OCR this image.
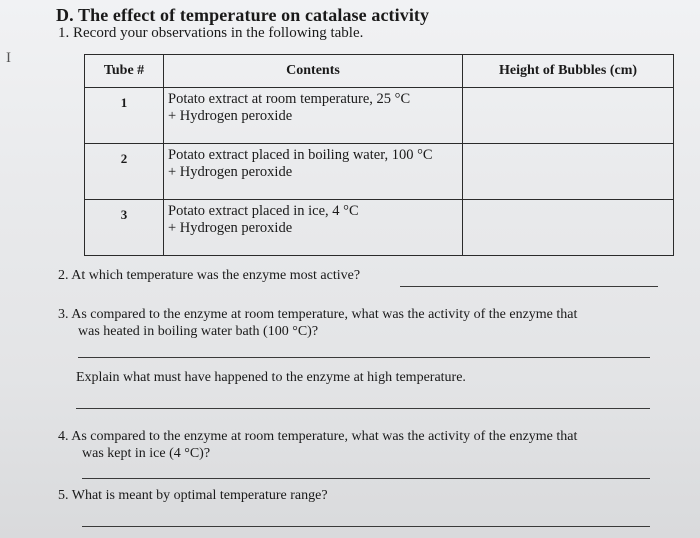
D. The effect of temperature on catalase activity
1. Record your observations in the following table.
I
Tube #	Contents	Height of Bubbles (cm)
1	Potato extract at room temperature, 25 °C
+ Hydrogen peroxide	

2	Potato extract placed in boiling water, 100 °C
+ Hydrogen peroxide	

3	Potato extract placed in ice, 4 °C
+ Hydrogen peroxide	

2. At which temperature was the enzyme most active?
3. As compared to the enzyme at room temperature, what was the activity of the enzyme that
was heated in boiling water bath (100 °C)?
Explain what must have happened to the enzyme at high temperature.
4. As compared to the enzyme at room temperature, what was the activity of the enzyme that
was kept in ice (4 °C)?
5. What is meant by optimal temperature range?
